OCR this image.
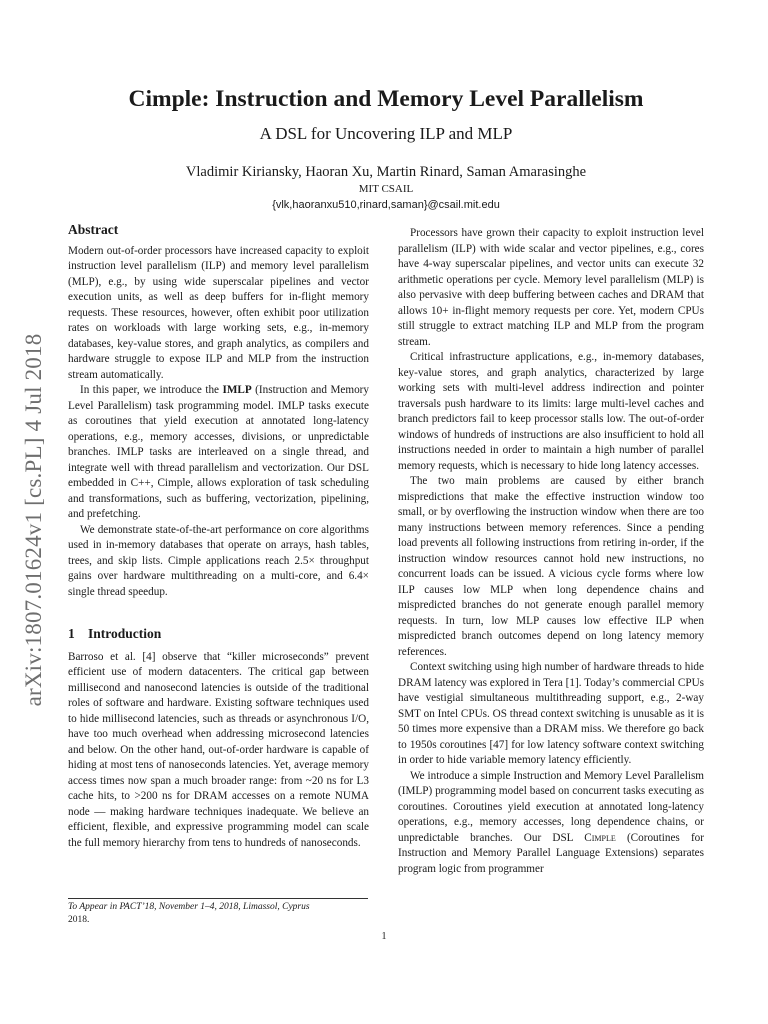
arXiv:1807.01624v1 [cs.PL] 4 Jul 2018
Cimple: Instruction and Memory Level Parallelism
A DSL for Uncovering ILP and MLP
Vladimir Kiriansky, Haoran Xu, Martin Rinard, Saman Amarasinghe
MIT CSAIL
{vlk,haoranxu510,rinard,saman}@csail.mit.edu
Abstract

Modern out-of-order processors have increased capacity to exploit instruction level parallelism (ILP) and memory level parallelism (MLP), e.g., by using wide superscalar pipelines and vector execution units, as well as deep buffers for in-flight memory requests. These resources, however, often exhibit poor utilization rates on workloads with large working sets, e.g., in-memory databases, key-value stores, and graph analytics, as compilers and hardware struggle to expose ILP and MLP from the instruction stream automatically.

In this paper, we introduce the IMLP (Instruction and Memory Level Parallelism) task programming model. IMLP tasks execute as coroutines that yield execution at annotated long-latency operations, e.g., memory accesses, divisions, or unpredictable branches. IMLP tasks are interleaved on a single thread, and integrate well with thread parallelism and vectorization. Our DSL embedded in C++, Cimple, allows exploration of task scheduling and transformations, such as buffering, vectorization, pipelining, and prefetching.

We demonstrate state-of-the-art performance on core algorithms used in in-memory databases that operate on arrays, hash tables, trees, and skip lists. Cimple applications reach 2.5× throughput gains over hardware multithreading on a multi-core, and 6.4× single thread speedup.

1 Introduction

Barroso et al. [4] observe that “killer microseconds” prevent efficient use of modern datacenters. The critical gap between millisecond and nanosecond latencies is outside of the traditional roles of software and hardware. Existing software techniques used to hide millisecond latencies, such as threads or asynchronous I/O, have too much overhead when addressing microsecond latencies and below. On the other hand, out-of-order hardware is capable of hiding at most tens of nanoseconds latencies. Yet, average memory access times now span a much broader range: from ~20 ns for L3 cache hits, to >200 ns for DRAM accesses on a remote NUMA node — making hardware techniques inadequate. We believe an efficient, flexible, and expressive programming model can scale the full memory hierarchy from tens to hundreds of nanoseconds.

To Appear in PACT’18, November 1–4, 2018, Limassol, Cyprus
2018.

Processors have grown their capacity to exploit instruction level parallelism (ILP) with wide scalar and vector pipelines, e.g., cores have 4-way superscalar pipelines, and vector units can execute 32 arithmetic operations per cycle. Memory level parallelism (MLP) is also pervasive with deep buffering between caches and DRAM that allows 10+ in-flight memory requests per core. Yet, modern CPUs still struggle to extract matching ILP and MLP from the program stream.

Critical infrastructure applications, e.g., in-memory databases, key-value stores, and graph analytics, characterized by large working sets with multi-level address indirection and pointer traversals push hardware to its limits: large multi-level caches and branch predictors fail to keep processor stalls low. The out-of-order windows of hundreds of instructions are also insufficient to hold all instructions needed in order to maintain a high number of parallel memory requests, which is necessary to hide long latency accesses.

The two main problems are caused by either branch mispredictions that make the effective instruction window too small, or by overflowing the instruction window when there are too many instructions between memory references. Since a pending load prevents all following instructions from retiring in-order, if the instruction window resources cannot hold new instructions, no concurrent loads can be issued. A vicious cycle forms where low ILP causes low MLP when long dependence chains and mispredicted branches do not generate enough parallel memory requests. In turn, low MLP causes low effective ILP when mispredicted branch outcomes depend on long latency memory references.

Context switching using high number of hardware threads to hide DRAM latency was explored in Tera [1]. Today’s commercial CPUs have vestigial simultaneous multithreading support, e.g., 2-way SMT on Intel CPUs. OS thread context switching is unusable as it is 50 times more expensive than a DRAM miss. We therefore go back to 1950s coroutines [47] for low latency software context switching in order to hide variable memory latency efficiently.

We introduce a simple Instruction and Memory Level Parallelism (IMLP) programming model based on concurrent tasks executing as coroutines. Coroutines yield execution at annotated long-latency operations, e.g., memory accesses, long dependence chains, or unpredictable branches. Our DSL Cimple (Coroutines for Instruction and Memory Parallel Language Extensions) separates program logic from programmer

1
